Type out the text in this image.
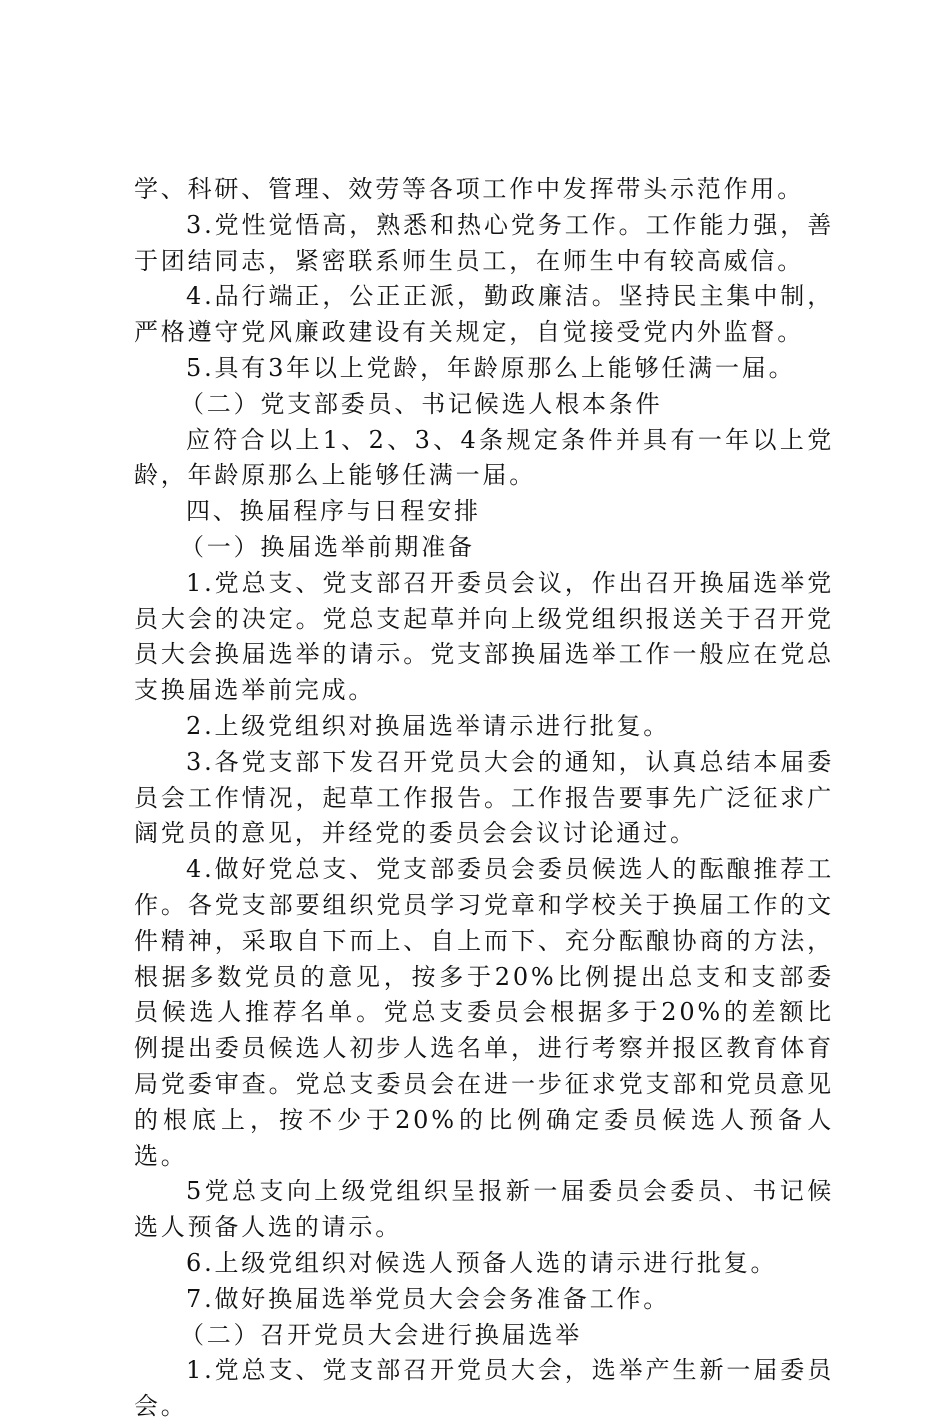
学、科研、管理、效劳等各项工作中发挥带头示范作用。

3.党性觉悟高，熟悉和热心党务工作。工作能力强，善于团结同志，紧密联系师生员工，在师生中有较高威信。

4.品行端正，公正正派，勤政廉洁。坚持民主集中制，严格遵守党风廉政建设有关规定，自觉接受党内外监督。

5.具有3年以上党龄，年龄原那么上能够任满一届。

（二）党支部委员、书记候选人根本条件

应符合以上1、2、3、4条规定条件并具有一年以上党龄，年龄原那么上能够任满一届。

四、换届程序与日程安排

（一）换届选举前期准备

1.党总支、党支部召开委员会议，作出召开换届选举党员大会的决定。党总支起草并向上级党组织报送关于召开党员大会换届选举的请示。党支部换届选举工作一般应在党总支换届选举前完成。

2.上级党组织对换届选举请示进行批复。

3.各党支部下发召开党员大会的通知，认真总结本届委员会工作情况，起草工作报告。工作报告要事先广泛征求广阔党员的意见，并经党的委员会会议讨论通过。

4.做好党总支、党支部委员会委员候选人的酝酿推荐工作。各党支部要组织党员学习党章和学校关于换届工作的文件精神，采取自下而上、自上而下、充分酝酿协商的方法，根据多数党员的意见，按多于20%比例提出总支和支部委员候选人推荐名单。党总支委员会根据多于20%的差额比例提出委员候选人初步人选名单，进行考察并报区教育体育局党委审查。党总支委员会在进一步征求党支部和党员意见的根底上，按不少于20%的比例确定委员候选人预备人选。

5党总支向上级党组织呈报新一届委员会委员、书记候选人预备人选的请示。

6.上级党组织对候选人预备人选的请示进行批复。

7.做好换届选举党员大会会务准备工作。

（二）召开党员大会进行换届选举

1.党总支、党支部召开党员大会，选举产生新一届委员会。
